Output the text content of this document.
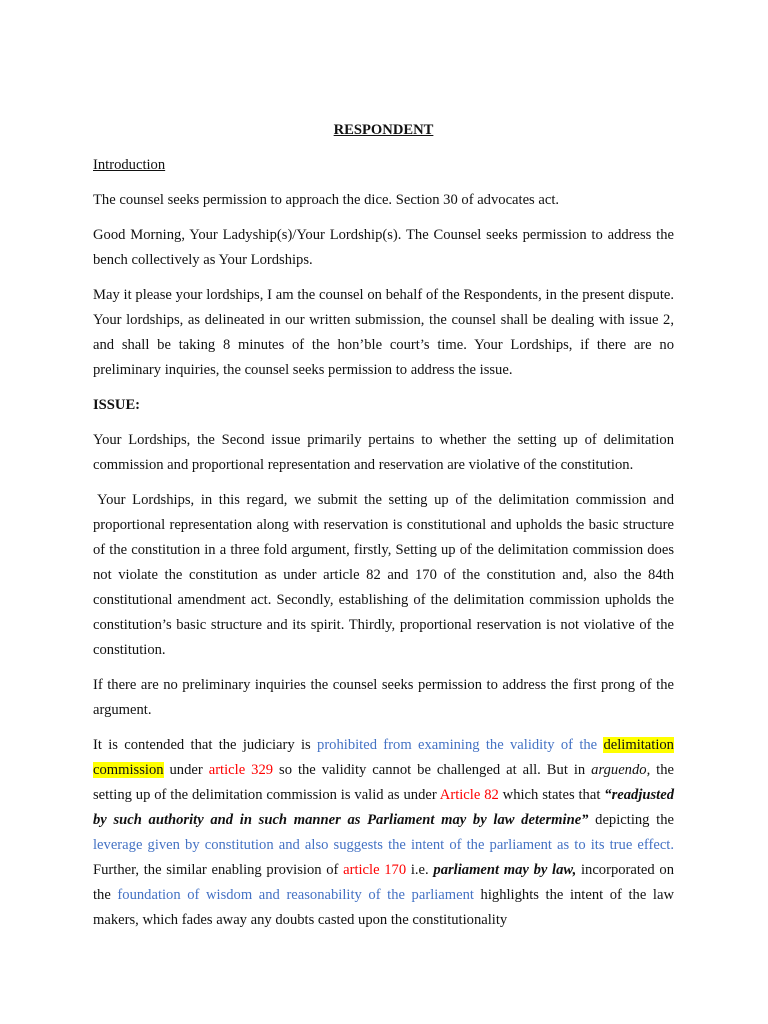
RESPONDENT

Introduction

The counsel seeks permission to approach the dice. Section 30 of advocates act.

Good Morning, Your Ladyship(s)/Your Lordship(s). The Counsel seeks permission to address the bench collectively as Your Lordships.

May it please your lordships, I am the counsel on behalf of the Respondents, in the present dispute. Your lordships, as delineated in our written submission, the counsel shall be dealing with issue 2, and shall be taking 8 minutes of the hon’ble court’s time. Your Lordships, if there are no preliminary inquiries, the counsel seeks permission to address the issue.

ISSUE:

Your Lordships, the Second issue primarily pertains to whether the setting up of delimitation commission and proportional representation and reservation are violative of the constitution.

Your Lordships, in this regard, we submit the setting up of the delimitation commission and proportional representation along with reservation is constitutional and upholds the basic structure of the constitution in a three fold argument, firstly, Setting up of the delimitation commission does not violate the constitution as under article 82 and 170 of the constitution and, also the 84th constitutional amendment act. Secondly, establishing of the delimitation commission upholds the constitution’s basic structure and its spirit. Thirdly, proportional reservation is not violative of the constitution.

If there are no preliminary inquiries the counsel seeks permission to address the first prong of the argument.

It is contended that the judiciary is prohibited from examining the validity of the delimitation commission under article 329 so the validity cannot be challenged at all. But in arguendo, the setting up of the delimitation commission is valid as under Article 82 which states that “readjusted by such authority and in such manner as Parliament may by law determine” depicting the leverage given by constitution and also suggests the intent of the parliament as to its true effect. Further, the similar enabling provision of article 170 i.e. parliament may by law, incorporated on the foundation of wisdom and reasonability of the parliament highlights the intent of the law makers, which fades away any doubts casted upon the constitutionality
